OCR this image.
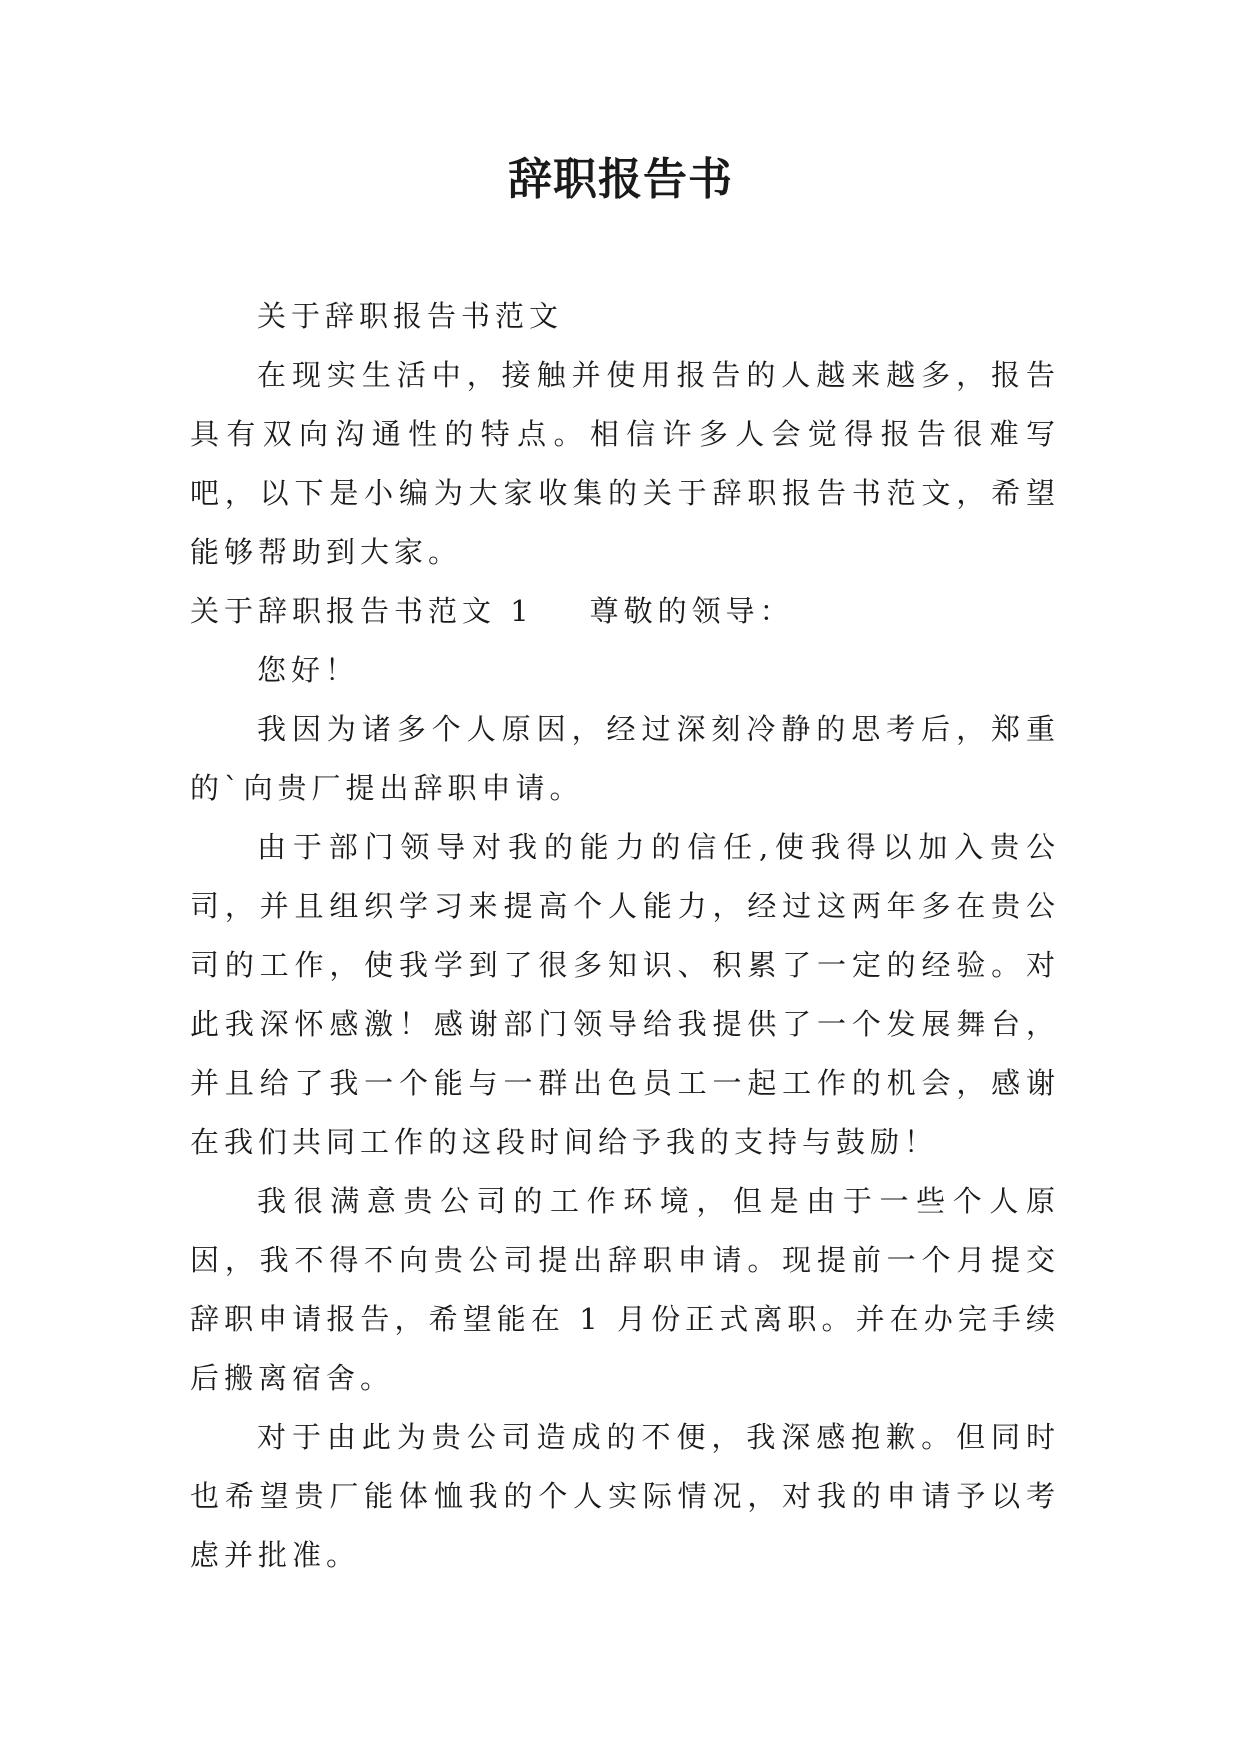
辞职报告书

关于辞职报告书范文

在现实生活中，接触并使用报告的人越来越多，报告具有双向沟通性的特点。相信许多人会觉得报告很难写吧，以下是小编为大家收集的关于辞职报告书范文，希望能够帮助到大家。

关于辞职报告书范文 1 尊敬的领导：

您好！

我因为诸多个人原因，经过深刻冷静的思考后，郑重的`向贵厂提出辞职申请。

由于部门领导对我的能力的信任,使我得以加入贵公司，并且组织学习来提高个人能力，经过这两年多在贵公司的工作，使我学到了很多知识、积累了一定的经验。对此我深怀感激！感谢部门领导给我提供了一个发展舞台，并且给了我一个能与一群出色员工一起工作的机会，感谢在我们共同工作的这段时间给予我的支持与鼓励！

我很满意贵公司的工作环境，但是由于一些个人原因，我不得不向贵公司提出辞职申请。现提前一个月提交辞职申请报告，希望能在 1 月份正式离职。并在办完手续后搬离宿舍。

对于由此为贵公司造成的不便，我深感抱歉。但同时也希望贵厂能体恤我的个人实际情况，对我的申请予以考虑并批准。
